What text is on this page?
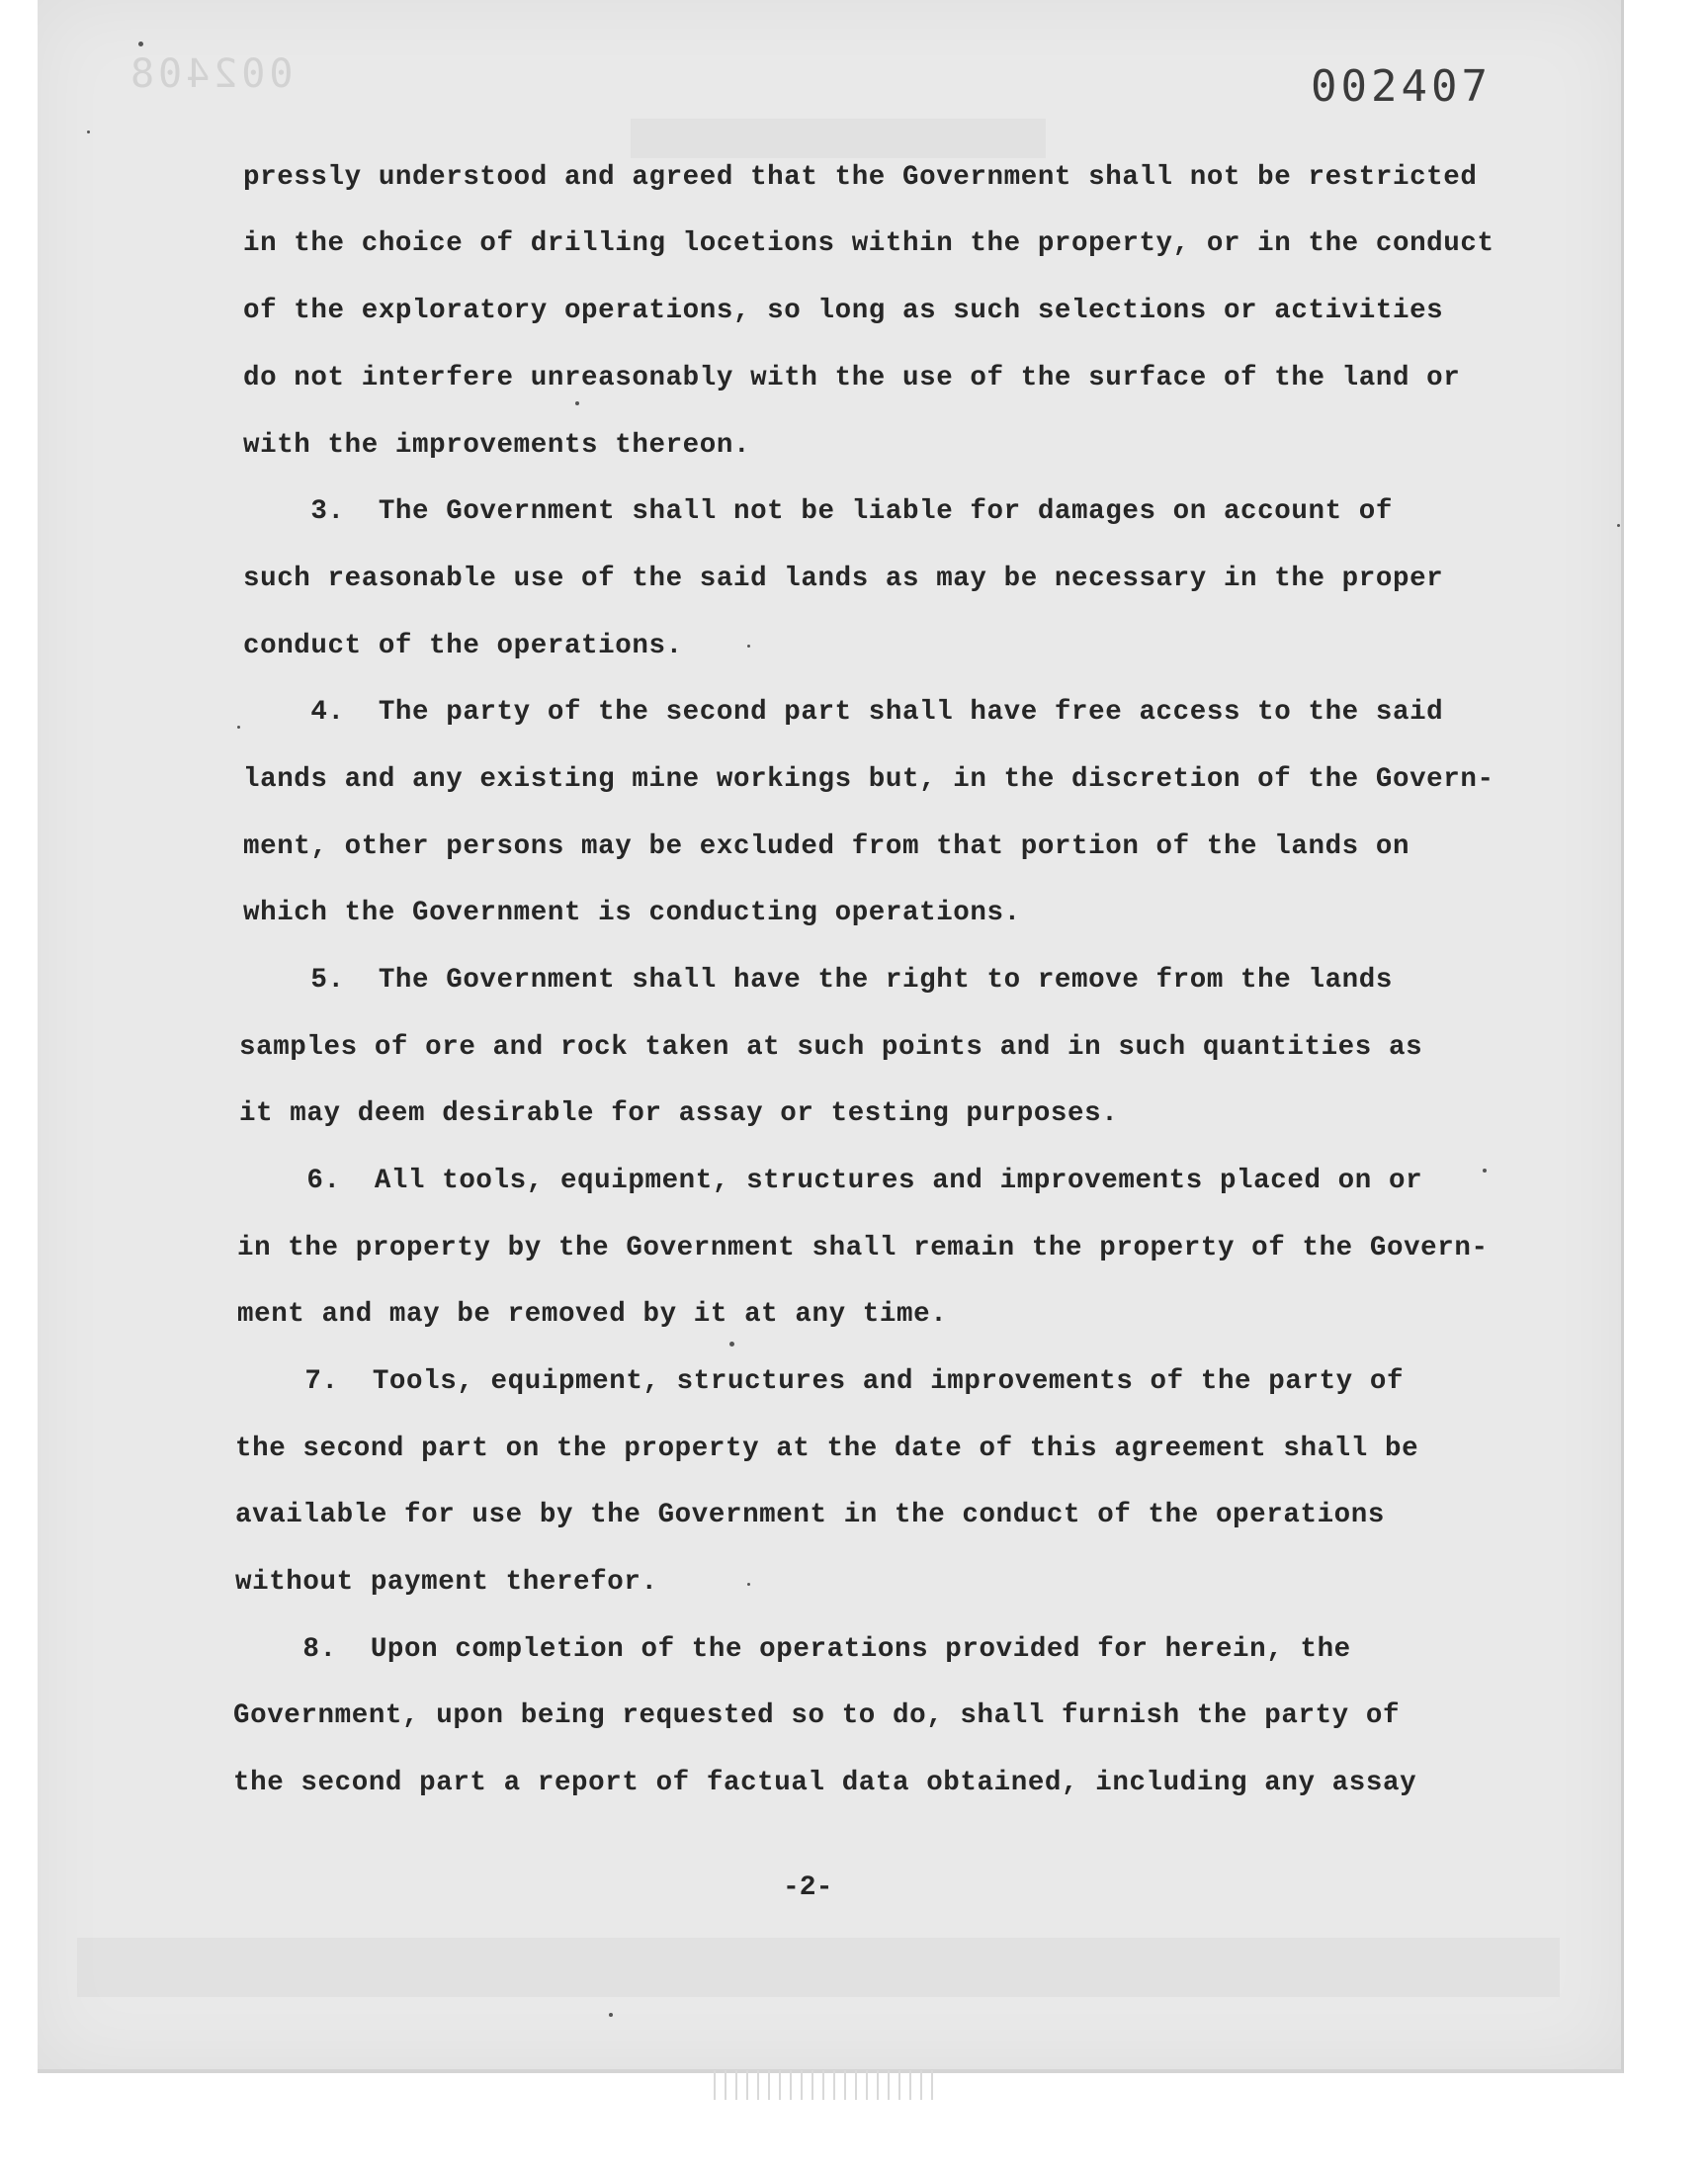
002408	002407
pressly understood and agreed that the Government shall not be restricted
in the choice of drilling locetions within the property, or in the conduct
of the exploratory operations, so long as such selections or activities
do not interfere unreasonably with the use of the surface of the land or
with the improvements thereon.
3.  The Government shall not be liable for damages on account of
such reasonable use of the said lands as may be necessary in the proper
conduct of the operations.
4.  The party of the second part shall have free access to the said
lands and any existing mine workings but, in the discretion of the Govern-
ment, other persons may be excluded from that portion of the lands on
which the Government is conducting operations.
5.  The Government shall have the right to remove from the lands
samples of ore and rock taken at such points and in such quantities as
it may deem desirable for assay or testing purposes.
6.  All tools, equipment, structures and improvements placed on or
in the property by the Government shall remain the property of the Govern-
ment and may be removed by it at any time.
7.  Tools, equipment, structures and improvements of the party of
the second part on the property at the date of this agreement shall be
available for use by the Government in the conduct of the operations
without payment therefor.
8.  Upon completion of the operations provided for herein, the
Government, upon being requested so to do, shall furnish the party of
the second part a report of factual data obtained, including any assay
-2-
